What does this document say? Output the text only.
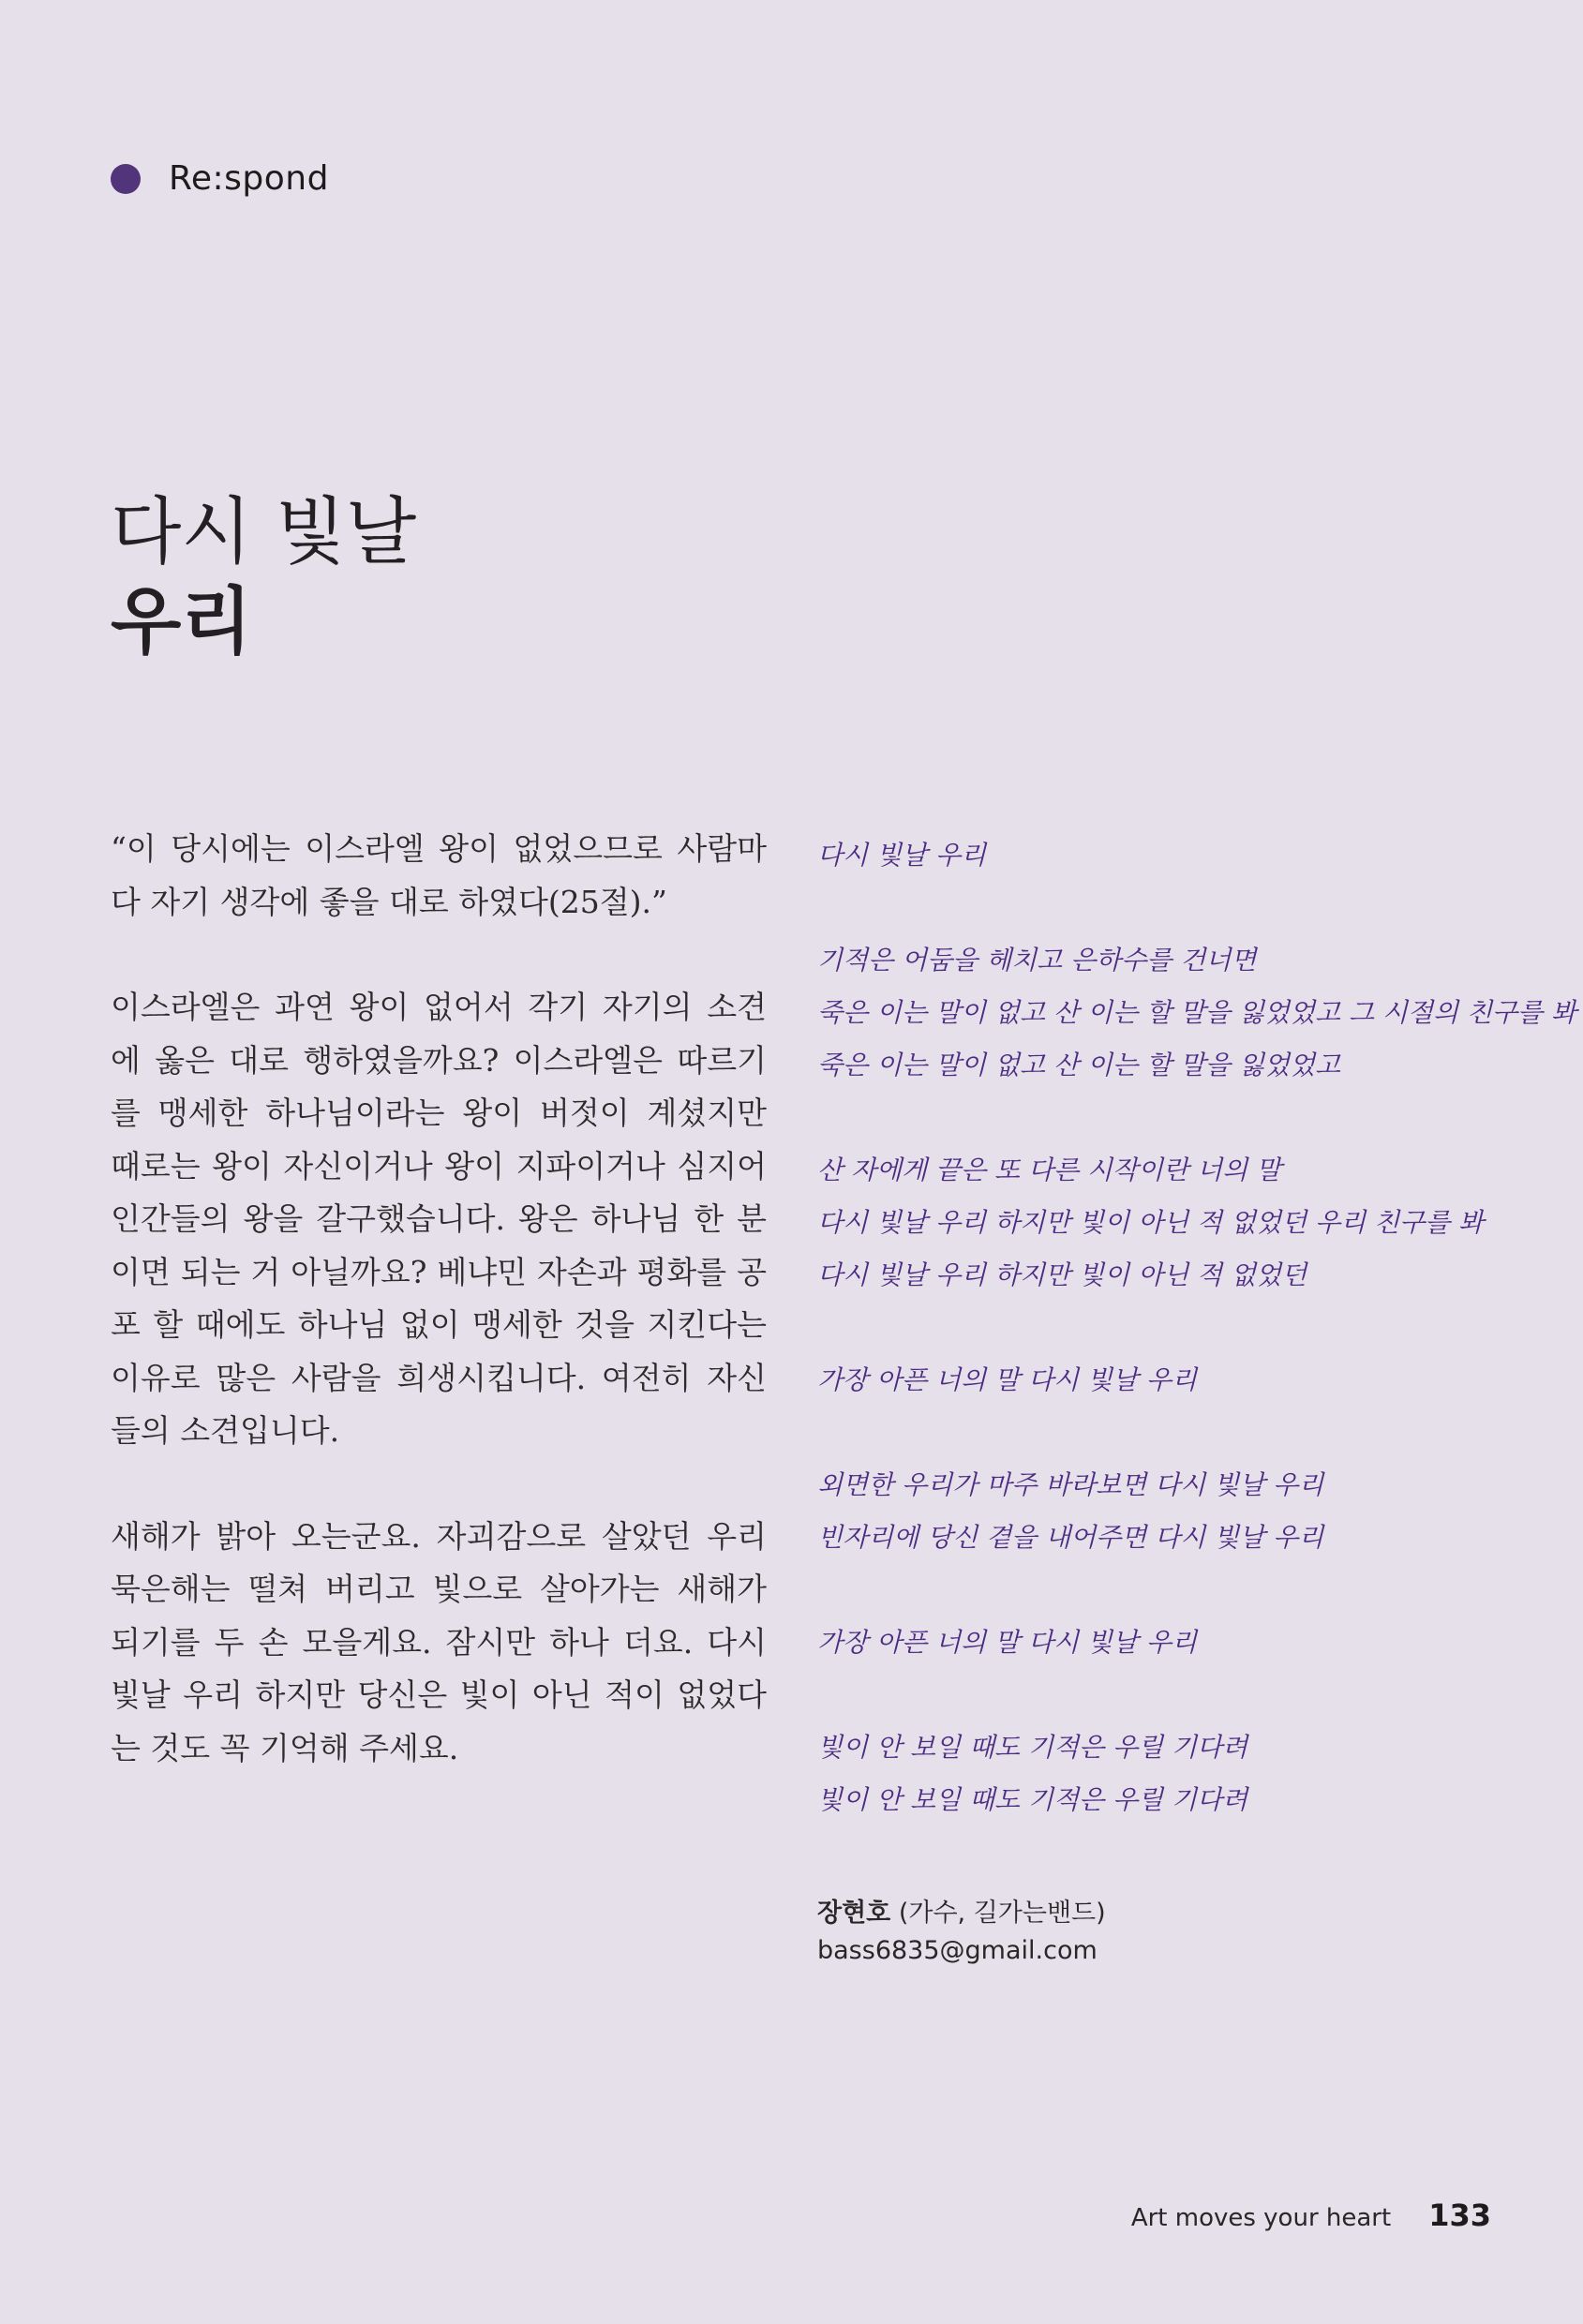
Re:spond
다시 빛날
우리

“이 당시에는 이스라엘 왕이 없었으므로 사람마다 자기 생각에 좋을 대로 하였다(25절).”

이스라엘은 과연 왕이 없어서 각기 자기의 소견에 옳은 대로 행하였을까요? 이스라엘은 따르기를 맹세한 하나님이라는 왕이 버젓이 계셨지만 때로는 왕이 자신이거나 왕이 지파이거나 심지어 인간들의 왕을 갈구했습니다. 왕은 하나님 한 분이면 되는 거 아닐까요? 베냐민 자손과 평화를 공포 할 때에도 하나님 없이 맹세한 것을 지킨다는 이유로 많은 사람을 희생시킵니다. 여전히 자신들의 소견입니다.

새해가 밝아 오는군요. 자괴감으로 살았던 우리 묵은해는 떨쳐 버리고 빛으로 살아가는 새해가 되기를 두 손 모을게요. 잠시만 하나 더요. 다시 빛날 우리 하지만 당신은 빛이 아닌 적이 없었다는 것도 꼭 기억해 주세요.

다시 빛날 우리
기적은 어둠을 헤치고 은하수를 건너면
죽은 이는 말이 없고 산 이는 할 말을 잃었었고 그 시절의 친구를 봐
죽은 이는 말이 없고 산 이는 할 말을 잃었었고
산 자에게 끝은 또 다른 시작이란 너의 말
다시 빛날 우리 하지만 빛이 아닌 적 없었던 우리 친구를 봐
다시 빛날 우리 하지만 빛이 아닌 적 없었던
가장 아픈 너의 말 다시 빛날 우리
외면한 우리가 마주 바라보면 다시 빛날 우리
빈자리에 당신 곁을 내어주면 다시 빛날 우리
가장 아픈 너의 말 다시 빛날 우리
빛이 안 보일 때도 기적은 우릴 기다려
빛이 안 보일 때도 기적은 우릴 기다려
장현호 (가수, 길가는밴드)
bass6835@gmail.com
Art moves your heart 133
